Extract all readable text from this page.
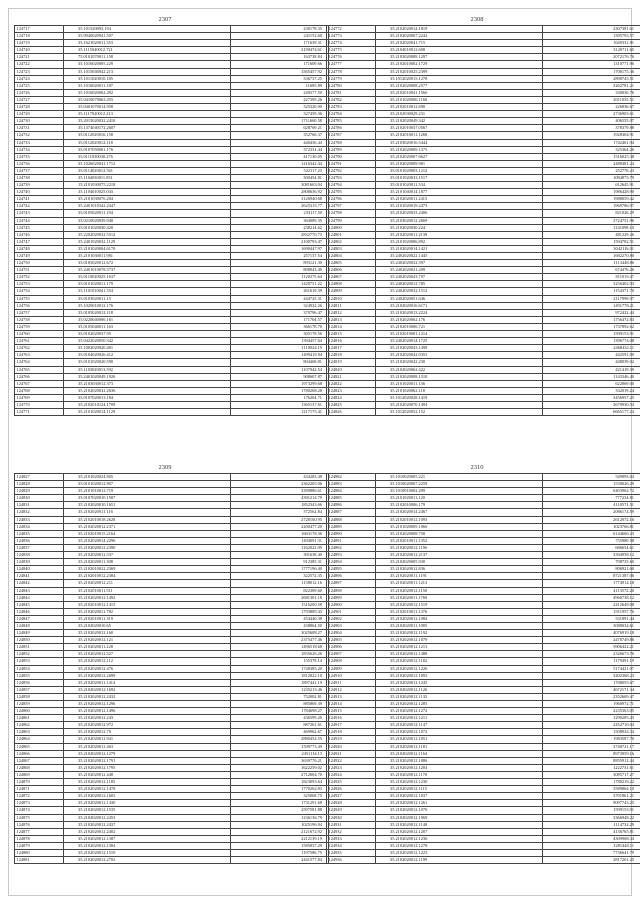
2307
124717	35.101520093.194	230178.35
124718	35.0940020941.507	241152.60
124719	35.1621020011.353	171639.31
124720	35.1115040012.721	2190474.61
124721	75.0101070011.158	163738.84
124722	35.1016020005.229	171609.66
124723	35.1015040042.213	1565457.92
124724	35.1011020010.185	336737.25
124725	35.1016020011.187	11685.89
124726	35.1016020062.492	249377.50
124727	35.0410070063.455	227395.26
124728	35.0401070014.958	325320.00
124729	35.1117020012.213	327459.36
124730	35.2015020032.2410	1711660.58
124731	35.1374040172.2607	628769.21
124732	35.0112020016.158	352766.37
124733	35.0112020012.118	440436.44
124734	35.0107050001.176	372331.44
124735	35.0111030030.276	417130.05
124736	35.1026020041.1712	1416342.44
124737	35.0114020012.561	522117.23
124738	35.1104030011.831	300454.81
124739	15.2101030075.2218	3081663.04
124740	35.1104010025.043	2808636.92
124741	35.2101030076.204	3126940.68
124742	35.2401010342.2447	2625315.77
124743	35.0105020011.194	233117.50
124744	35.0210020039.940	364089.35
124745	35.0101020030.420	238214.62
124746	35.2202020032.5512	2832770.73
124747	35.2401020032.1129	2100793.47
124748	35.2101020004.6170	1690447.97
124749	35.2101030011.981	257137.54
124750	35.0105020012.672	893121.30
124751	35.2401010078.5737	808943.40
124752	35.0110020025.1637	1120275.64
124753	35.0101020011.179	1420751.22
124754	35.1101010041.354	261619.39
124755	35.0103020011.15	444725.31
124756	35.1020010012.176	324932.26
124757	35.0105020012.118	370796.47
124758	35.0220040006.161	171704.57
124759	35.0105040011.163	366178.70
124760	35.0102020037.95	305178.56
124761	35.0422020050.342	1394457.64
124762	35.1002020020.401	1110024.19
124763	35.0104020026.412	1499419.84
124764	35.0101020020.590	804468.81
124765	35.1103020013.592	1107942.54
124766	35.2401020049.1926	908607.87
124767	35.2103030012.373	1973299.68
124768	35.2102020032.2636	1780268.28
124769	35.0107020013.184	176204.71
124770	35.2102010124.1709	1365137.61
124771	35.2101020014.1129	1217175.41
2308
124772	35.2102020014.1819	2307381.61
124773	35.2102020007.2242	1395793.57
124774	35.2102020041.715	1649331.81
124775	35.2104010012.608	3120711.65
124776	35.2103020008.1297	2072176.76
124777	35.2102010002.1729	1310771.96
124778	35.2102010025.2399	1706175.36
124779	35.1012020015.1278	2898745.51
124780	35.2102020008.2577	3262781.21
124781	35.2102010041.1566	330030.76
124782	35.2101020006.1160	2011035.51
124783	35.2102010012.690	226836.67
124784	35.2102030029.231	2736903.61
124785	35.2102020049.342	406555.07
124786	35.2102010037.0567	378379.88
124787	35.2102010011.1268	1928304.91
124788	35.2103020016.5444	1742461.94
124789	35.2102020009.1375	325364.26
124790	35.2102020007.6627	1516025.38
124791	35.2102020009.981	2488481.24
124792	35.0101020003.1212	252776.23
124793	35.0101020033.1517	1084875.79
124794	35.0101020011.334	612645.91
124795	35.2101040014.1877	1986428.90
124796	35.2102020011.2415	1988059.42
124797	35.2101020019.2473	1969786.97
124798	35.2102020033.2406	821026.29
124799	35.2103020012.2669	2724751.96
124800	35.2102020030.224	1141098.10
124801	35.2102020011.2139	481229.26
124802	35.2101020006.892	1594782.51
124803	35.2102020014.1421	3042116.01
124804	35.2402020022.1445	1682270.80
124805	35.2402020032.597	1113448.86
124806	35.2402020021.209	674476.26
124807	35.2402020043.797	811019.47
124808	35.2402020012.785	3256402.03
124809	35.2402020032.1512	1154371.70
124810	35.2402020051.646	2117999.07
124811	35.2102020016.6171	1491778.21
124812	35.2102020013.2224	972422.44
124813	35.2102020062.176	1756472.83
124814	35.2102010006.721	1737892.62
124815	35.2102010001.1214	1599153.91
124816	35.2402020014.1725	1396774.08
124817	35.2102020043.1498	2468432.11
124818	35.2102020042.0353	442591.09
124819	35.2102020042.230	448039.02
124820	35.2102020062.422	421419.39
124821	35.2102020008.1310	1143346.40
124822	35.2101020011.136	622869.00
124823	35.2101020062.118	332019.24
124824	35.1012020028.1419	3456957.25
124825	35.2102020070.1494	2679930.54
124826	35.1012020052.152	6665177.24
2309
124827	35.2101020024.805	434283.48
124828	35.0101020012.807	2362205.06
124829	35.2101010012.719	3399886.61
124830	35.0107020010.1587	4391214.79
124831	35.2102020010.1651	1852343.66
124832	35.2102020011.116	372562.84
124833	35.2102010018.2628	2728160.95
124834	35.2102020012.2371	2200477.20
124835	35.2102010015.2164	1663178.36
124836	35.2102020014.2296	1494091.31
124837	35.2102020012.2390	1162022.09
124838	35.2102020012.337	301638.40
124839	35.2102020011.308	912385.31
124840	35.2102010022.2369	1777196.40
124841	35.2102010012.2384	322572.35
124842	35.2102020012.211	1158012.16
124843	35.2102010011.511	822309.60
124844	35.2102020012.1492	2681301.18
124845	35.2102010012.1415	1516200.58
124846	35.2102020011.782	1793889.43
124847	35.2102010011.319	454440.38
124848	35.2102020010.65	438864.50
124849	35.2102020012.160	3025608.27
124850	35.2102020012.121	2375477.46
124851	35.2102020011.228	1496518.68
124852	35.2102020012.327	1835626.26
124853	35.2102020012.112	155378.14
124854	35.2102020012.476	1748385.20
124855	35.2102020012.2699	1812822.10
124856	35.2102020011.1414	1897441.19
124857	35.2102020012.1692	1235213.46
124858	35.2102020012.2432	752002.81
124859	35.2102020012.1296	885869.39
124860	35.2102020012.1496	1784698.27
124861	35.2102020012.243	436599.20
124862	35.2102020012.972	887261.61
124863	35.2102020012.76	469962.67
124864	35.2102020012.941	2880454.55
124865	35.2102020012.463	1599773.49
124866	35.2102020012.1279	2451114.13
124867	35.2102020012.1791	3639776.21
124868	35.2102020012.1795	1622259.02
124869	35.2102020012.448	2712604.70
124870	35.2102020012.1185	1823093.64
124871	35.2102020012.1478	1770262.83
124872	35.2102020012.1603	325068.75
124873	35.2102020012.1430	1731291.68
124874	35.2102020012.1535	2597581.88
124875	35.2102020012.2453	1236136.79
124876	35.2102020012.2437	1025196.94
124877	35.2102020012.2402	2121672.92
124878	35.2102020012.1387	2212139.19
124879	35.2102020012.1384	1585837.29
124880	35.2102020012.1510	1197586.75
124881	35.2102020012.2702	2441577.84
2310
124882	35.1010020005.221	549893.04
124883	35.1010020007.2259	1530626.29
124884	35.1010010002.209	6403962.72
124885	35.2101020011.120	777234.81
124886	35.2102010006.179	4110571.51
124887	35.2102020014.2467	2086174.59
124888	35.2102010012.1093	2612072.16
124889	35.2101020009.1066	1023766.81
124890	35.2102020008.758	6144666.23
124891	35.2102010011.1352	755980.58
124892	35.2102020012.1196	686654.61
124893	35.2102020012.2137	3394958.12
124894	35.2102020005.930	798735.60
124895	35.2102020012.836	806921.60
124896	35.2102020011.1191	8721387.06
124897	35.2102020011.1213	1774914.18
124898	35.2102020012.1150	4113572.20
124899	35.2102020011.1769	4960738.12
124900	35.2102020012.1519	2412648.08
124901	35.2102010011.1376	1911957.76
124902	35.2102020012.1084	531891.44
124903	35.2102020011.1085	3088034.61
124904	35.2102020012.1192	4076919.18
124905	35.2102020012.1079	2470749.86
124906	35.2102020012.1213	5906422.21
124907	35.2102020012.1488	2326673.76
124908	35.2102020012.1182	1179491.19
124909	35.2102020012.1226	5174421.07
124910	35.2102020012.1093	3402368.23
124911	35.2102020012.1245	1708055.67
124912	35.2102020012.1126	4672171.34
124913	35.2102020012.1135	2352669.47
124914	35.2102020012.1285	1960972.71
124915	35.2102020012.1272	2235363.05
124916	35.2102020012.1211	1290285.43
124917	35.2102020012.1147	2452710.04
124918	35.2102020012.1072	1508934.34
124919	35.2102020012.1051	1983587.70
124920	35.2102020012.1181	3748721.17
124921	35.2102020012.1164	8973959.16
124922	35.2102020012.1086	8855912.44
124923	35.2102020012.1204	1222731.61
124924	35.2102020012.1170	3085717.27
124925	35.2102020012.1230	1780219.22
124926	35.2102020012.1115	3589864.10
124927	35.2102020012.1037	3701861.21
124928	35.2102020012.1261	9097743.25
124929	35.2102020012.1070	1599153.91
124930	35.2102020012.1069	3366948.22
124931	35.2102020012.1148	1114732.29
124932	35.2102020012.1207	4136765.81
124933	35.2102020012.1236	4309968.34
124934	35.2102020012.1278	1281448.11
124935	35.2102020012.1223	7736641.79
124936	35.2102020012.1199	2817201.25
